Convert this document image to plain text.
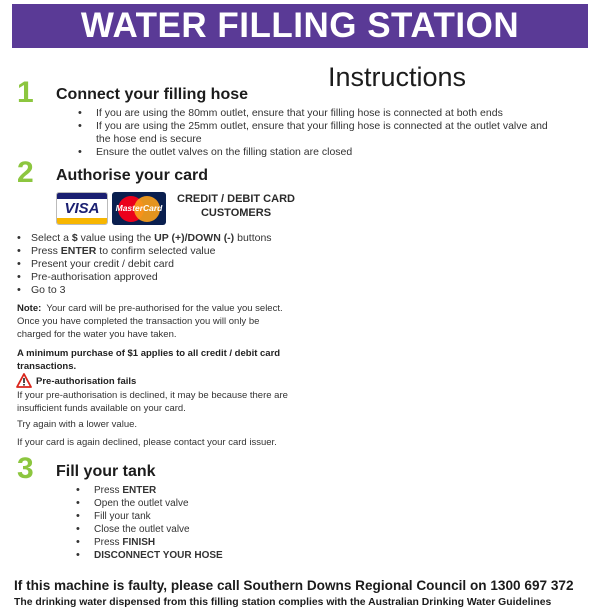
WATER FILLING STATION
Instructions
1 Connect your filling hose
• If you are using the 80mm outlet, ensure that your filling hose is connected at both ends
• If you are using the 25mm outlet, ensure that your filling hose is connected at the outlet valve and the hose end is secure
• Ensure the outlet valves on the filling station are closed
2 Authorise your card
VISA	MasterCard
CREDIT / DEBIT CARD
CUSTOMERS
• Select a $ value using the UP (+)/DOWN (-) buttons
• Press ENTER to confirm selected value
• Present your credit / debit card
• Pre-authorisation approved
• Go to 3
Note: Your card will be pre-authorised for the value you select.
Once you have completed the transaction you will only be
charged for the water you have taken.
A minimum purchase of $1 applies to all credit / debit card
transactions.
Pre-authorisation fails
If your pre-authorisation is declined, it may be because there are
insufficient funds available on your card.
Try again with a lower value.
If your card is again declined, please contact your card issuer.
3 Fill your tank
• Press ENTER
• Open the outlet valve
• Fill your tank
• Close the outlet valve
• Press FINISH
• DISCONNECT YOUR HOSE
If this machine is faulty, please call Southern Downs Regional Council on 1300 697 372
The drinking water dispensed from this filling station complies with the Australian Drinking Water Guidelines
